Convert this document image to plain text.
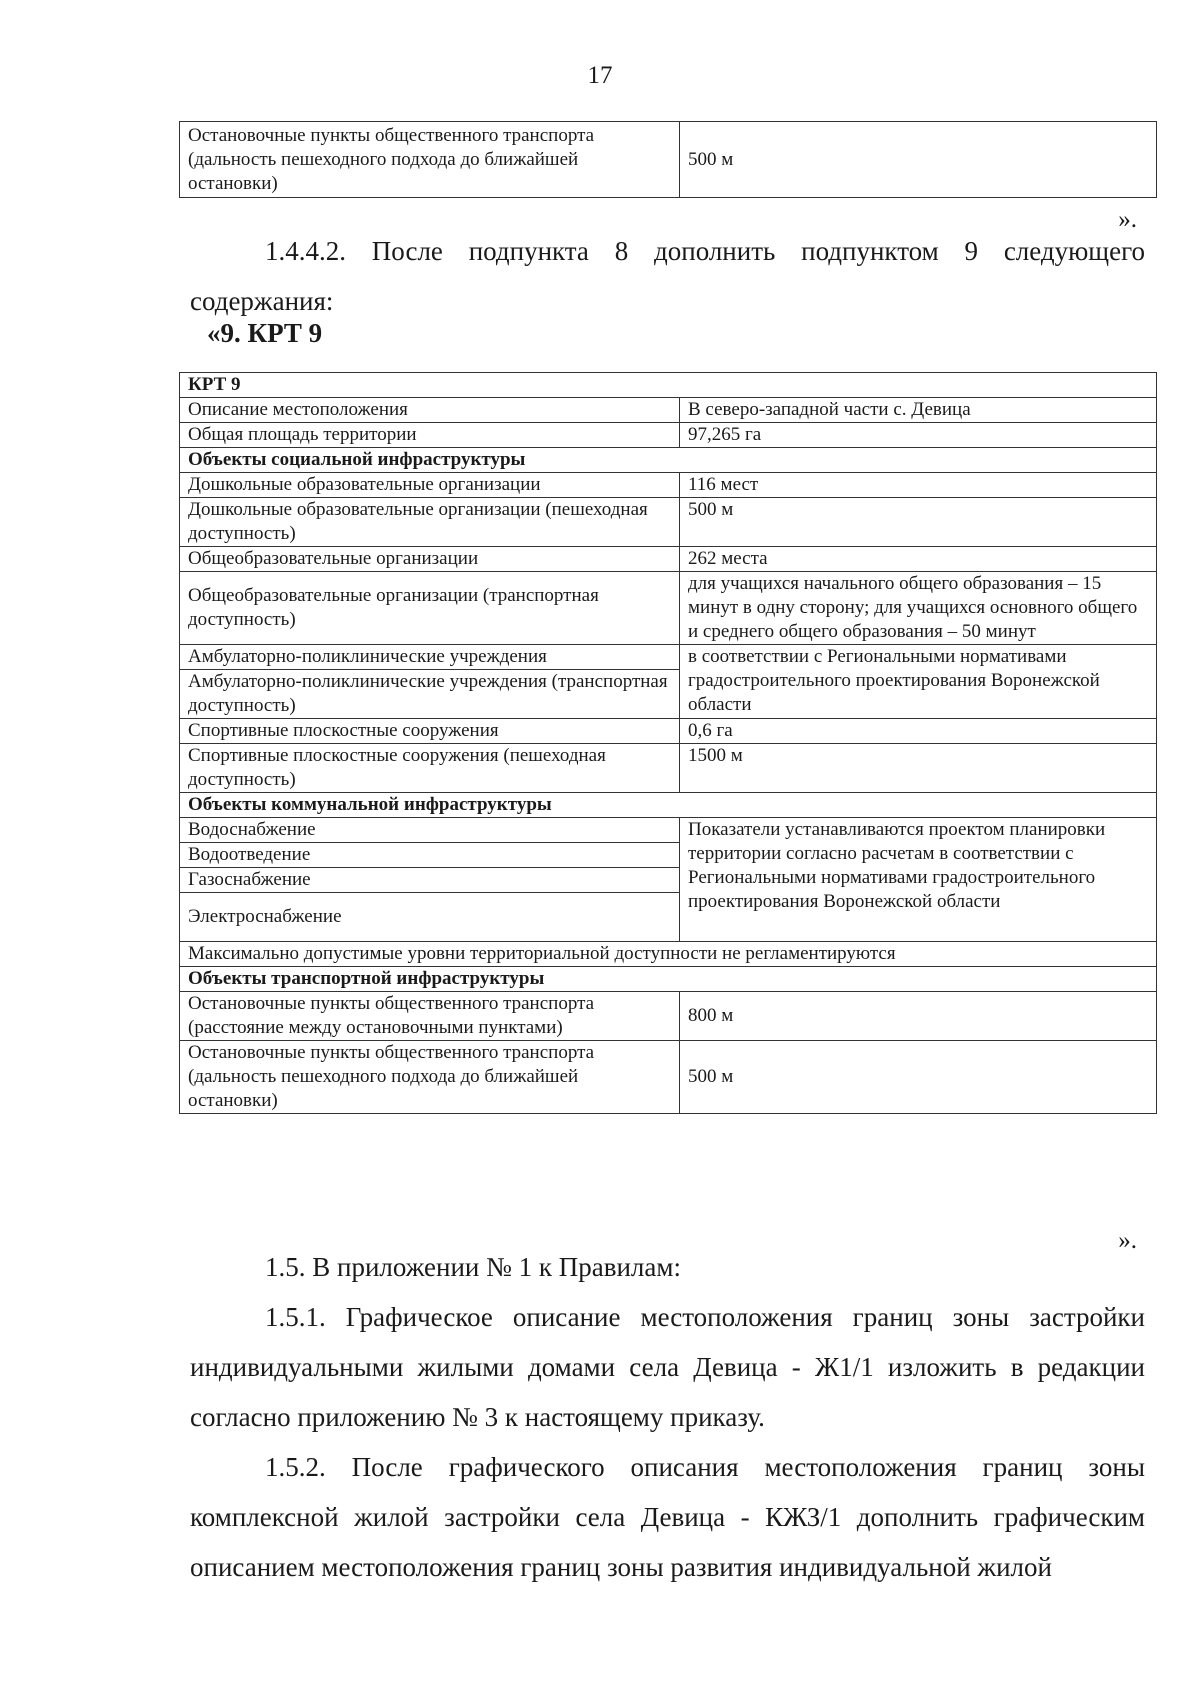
17
Остановочные пункты общественного транспорта (дальность пешеходного подхода до ближайшей остановки)	500 м
».
1.4.4.2. После подпункта 8 дополнить подпунктом 9 следующего содержания:
«9. КРТ 9
КРТ 9	
Описание местоположения	В северо-западной части с. Девица
Общая площадь территории	97,265 га
Объекты социальной инфраструктуры	
Дошкольные образовательные организации	116 мест
Дошкольные образовательные организации (пешеходная доступность)	500 м
Общеобразовательные организации	262 места
Общеобразовательные организации (транспортная доступность)	для учащихся начального общего образования – 15 минут в одну сторону; для учащихся основного общего и среднего общего образования – 50 минут
Амбулаторно-поликлинические учреждения	в соответствии с Региональными нормативами градостроительного проектирования Воронежской области
Амбулаторно-поликлинические учреждения (транспортная доступность)	
Спортивные плоскостные сооружения	0,6 га
Спортивные плоскостные сооружения (пешеходная доступность)	1500 м
Объекты коммунальной инфраструктуры	
Водоснабжение	Показатели устанавливаются проектом планировки территории согласно расчетам в соответствии с Региональными нормативами градостроительного проектирования Воронежской области
Водоотведение	
Газоснабжение	
Электроснабжение	
Максимально допустимые уровни территориальной доступности не регламентируются	
Объекты транспортной инфраструктуры	
Остановочные пункты общественного транспорта (расстояние между остановочными пунктами)	800 м
Остановочные пункты общественного транспорта (дальность пешеходного подхода до ближайшей остановки)	500 м
».
1.5. В приложении № 1 к Правилам:
1.5.1. Графическое описание местоположения границ зоны застройки индивидуальными жилыми домами села Девица - Ж1/1 изложить в редакции согласно приложению № 3 к настоящему приказу.
1.5.2. После графического описания местоположения границ зоны комплексной жилой застройки села Девица - КЖЗ/1 дополнить графическим описанием местоположения границ зоны развития индивидуальной жилой
